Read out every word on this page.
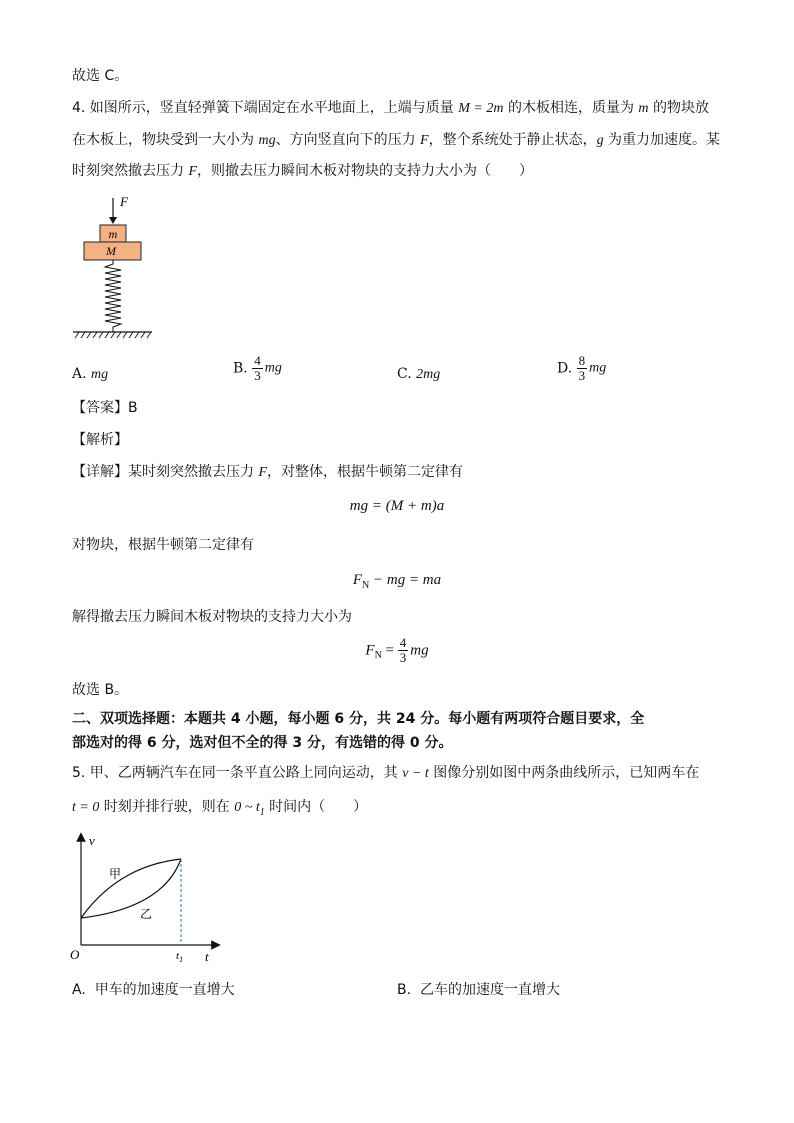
故选 C。
4. 如图所示，竖直轻弹簧下端固定在水平地面上，上端与质量 M = 2m 的木板相连，质量为 m 的物块放
在木板上，物块受到一大小为 mg、方向竖直向下的压力 F，整个系统处于静止状态，g 为重力加速度。某
时刻突然撤去压力 F，则撤去压力瞬间木板对物块的支持力大小为（　　）
F
m
M
A. mg	B. $\frac{4}{3}$ mg	C. 2mg	D. $\frac{8}{3}$ mg
【答案】B
【解析】
【详解】某时刻突然撤去压力 F，对整体，根据牛顿第二定律有
mg = (M + m)a
对物块，根据牛顿第二定律有
$F_N$ − mg = ma
解得撤去压力瞬间木板对物块的支持力大小为
$F_N = \frac{4}{3}$ mg
故选 B。
二、双项选择题：本题共 4 小题，每小题 6 分，共 24 分。每小题有两项符合题目要求，全
部选对的得 6 分，选对但不全的得 3 分，有选错的得 0 分。
5. 甲、乙两辆汽车在同一条平直公路上同向运动，其 v − t 图像分别如图中两条曲线所示，已知两车在
t = 0 时刻并排行驶，则在 0 ~ $t_1$ 时间内（　　）
v
t
O
甲
乙
$t_1$
A. 甲车的加速度一直增大	B. 乙车的加速度一直增大
